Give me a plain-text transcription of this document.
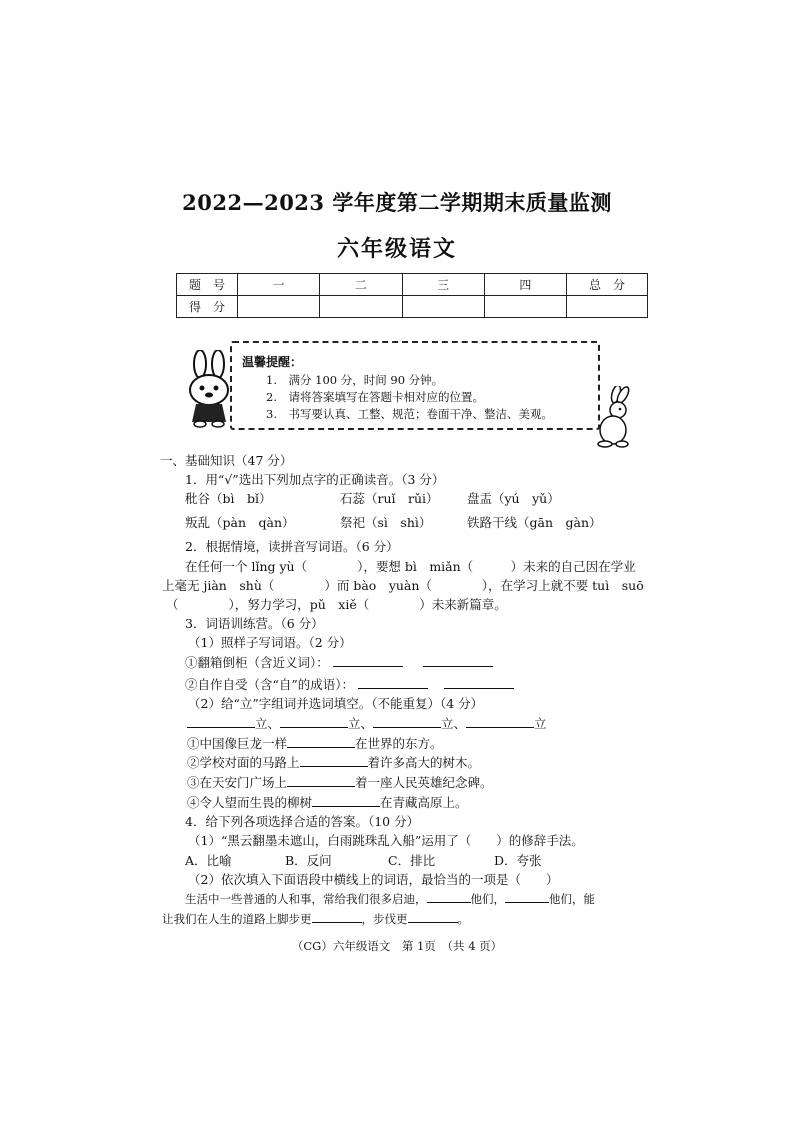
2022—2023 学年度第二学期期末质量监测
六年级语文
题　号	一	二	三	四	总　分
得　分					
温馨提醒：
1.　满分 100 分，时间 90 分钟。
2.　请将答案填写在答题卡相对应的位置。
3.　书写要认真、工整、规范；卷面干净、整洁、美观。
一、基础知识（47 分）
1．用“√”选出下列加点字的正确读音。（3 分）
秕谷（bì　bǐ）	石蕊（ruǐ　rǔi） 盘盂（yú　yǔ）
叛乱（pàn　qàn）	祭祀（sì　shì）	铁路干线（gān　gàn）
2．根据情境，读拼音写词语。（6 分）
在任何一个 lǐng yù（　　　　），要想 bì　miǎn（　　　）未来的自己因在学业
上毫无 jiàn　shù（　　　　）而 bào　yuàn（　　　　），在学习上就不要 tuì　suō
（　　　　），努力学习，pǔ　xiě（　　　　）未来新篇章。
3．词语训练营。（6 分）
（1）照样子写词语。（2 分）
①翻箱倒柜（含近义词）：
②自作自受（含“自”的成语）：
（2）给“立”字组词并选词填空。（不能重复）（4 分）
立、	立、	立、	立
①中国像巨龙一样	在世界的东方。
②学校对面的马路上	着许多高大的树木。
③在天安门广场上	着一座人民英雄纪念碑。
④令人望而生畏的柳树	在青藏高原上。
4．给下列各项选择合适的答案。（10 分）
（1）“黑云翻墨未遮山，白雨跳珠乱入船”运用了（　　）的修辞手法。
A．比喻	B．反问	C．排比	D．夸张
（2）依次填入下面语段中横线上的词语，最恰当的一项是（　　）
生活中一些普通的人和事，常给我们很多启迪，	他们，	他们，能
让我们在人生的道路上脚步更	，步伐更	。
（CG）六年级语文　第 1页　（共 4 页）
